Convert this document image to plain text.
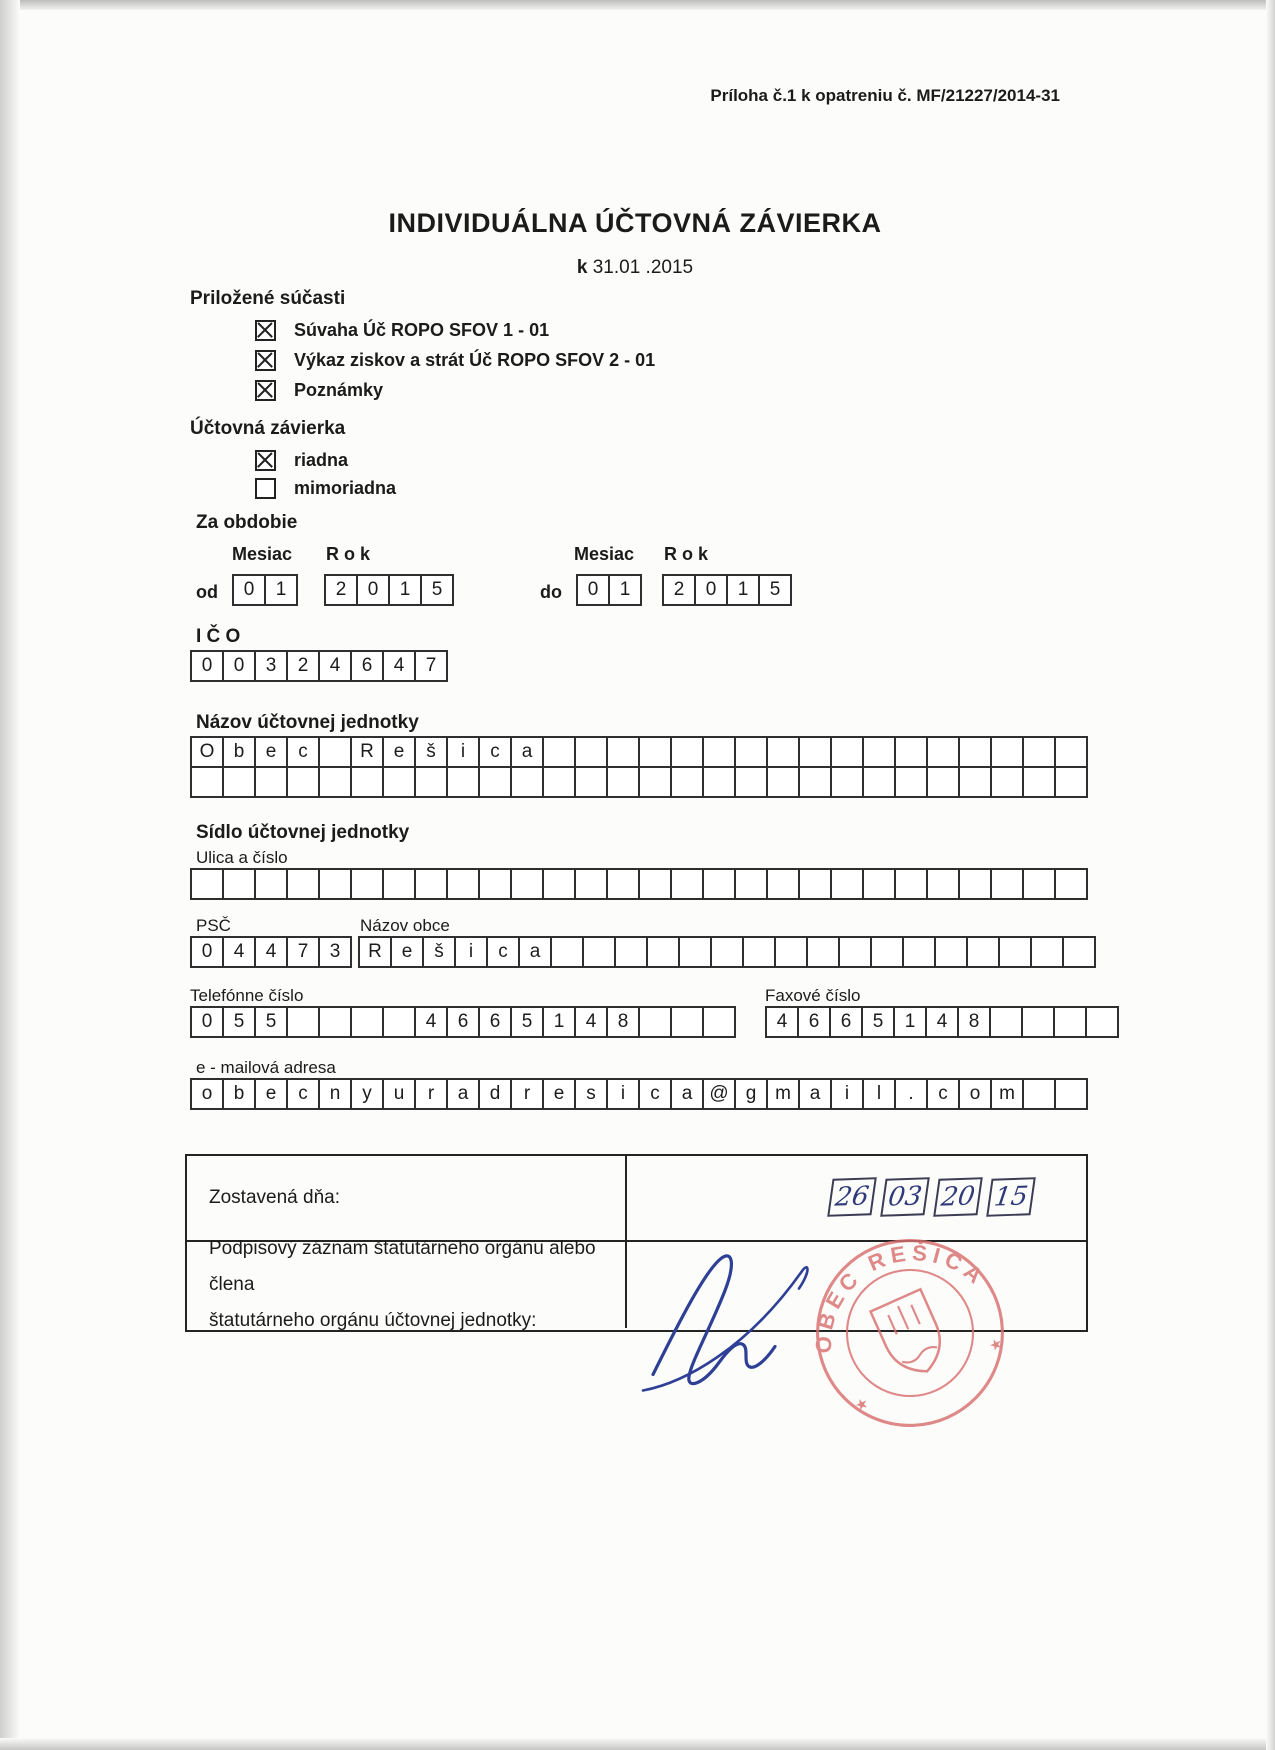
Príloha č.1 k opatreniu č. MF/21227/2014-31
INDIVIDUÁLNA ÚČTOVNÁ ZÁVIERKA
k 31.01 .2015
Priložené súčasti
Súvaha Úč ROPO SFOV 1 - 01
Výkaz ziskov a strát Úč ROPO SFOV 2 - 01
Poznámky
Účtovná závierka
riadna
mimoriadna
Za obdobie
Mesiac R o k	Mesiac R o k
od	0	1	2	0	1	5	do	0	1	2	0	1	5
I Č O
0	0	3	2	4	6	4	7
Názov účtovnej jednotky
O	b	e	c	R	e	š	i	c	a
Sídlo účtovnej jednotky
Ulica a číslo
PSČ	Názov obce
0	4	4	7	3	R	e	š	i	c	a
Telefónne číslo	Faxové číslo
0	5	5	4	6	6	5	1	4	8	4	6	6	5	1	4	8
e - mailová adresa
o	b	e	c	n	y	u	r	a	d	r	e	s	i	c	a @ g m a	i	l	.	c	o m
Zostavená dňa:	26 03 20 15
Podpisový záznam štatutárneho orgánu alebo člena
štatutárneho orgánu účtovnej jednotky:
OBEC REŠICA
★
★
